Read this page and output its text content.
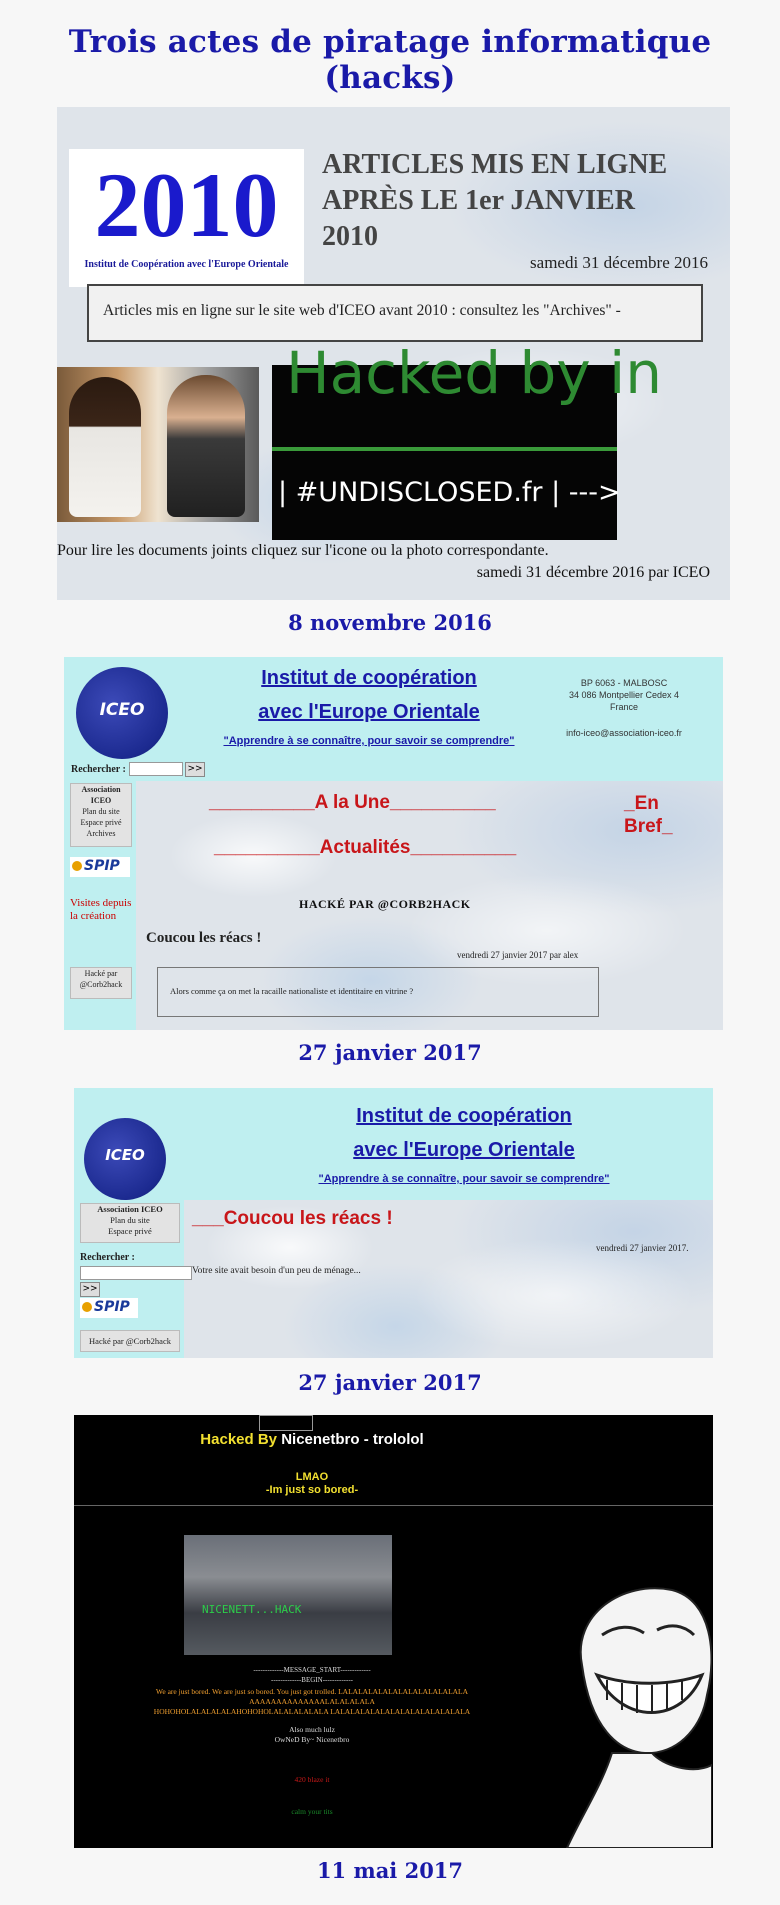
Trois actes de piratage informatique (hacks)
2010
Institut de Coopération avec l'Europe Orientale
ARTICLES MIS EN LIGNE
APRÈS LE 1er JANVIER
2010
samedi 31 décembre 2016
Articles mis en ligne sur le site web d'ICEO avant 2010 : consultez les "Archives" -
Hacked by in
| #UNDISCLOSED.fr | --->
Pour lire les documents joints cliquez sur l'icone ou la photo correspondante.
samedi 31 décembre 2016 par ICEO
8 novembre 2016
ICEO
Institut de coopération
avec l'Europe Orientale
"Apprendre à se connaître, pour savoir se comprendre"
BP 6063 - MALBOSC
34 086 Montpellier Cedex 4
France
info-iceo@association-iceo.fr
Rechercher :	>>
Association
ICEO
Plan du site
Espace privé
Archives
SPIP
Visites depuis la création
Hacké par
@Corb2hack
__________A la Une__________	_En Bref_
__________Actualités__________
HACKÉ PAR @CORB2HACK
Coucou les réacs !
vendredi 27 janvier 2017 par alex
Alors comme ça on met la racaille nationaliste et identitaire en vitrine ?
27 janvier 2017
ICEO
Institut de coopération
avec l'Europe Orientale
"Apprendre à se connaître, pour savoir se comprendre"
Association ICEO
Plan du site
Espace privé
Rechercher :
>>
SPIP
Hacké par @Corb2hack
___Coucou les réacs !
vendredi 27 janvier 2017.
Votre site avait besoin d'un peu de ménage...
27 janvier 2017
Hacked By Nicenetbro - trololol
LMAO
-Im just so bored-
NICENETT...HACK
-------------MESSAGE_START-------------
-------------BEGIN-------------
We are just bored. We are just so bored. You just got trolled. LALALALALALALALALALALALALA
AAAAAAAAAAAAAALALALALALA
HOHOHOLALALALALAHOHOHOLALALALALALA LALALALALALALALALALALALALALA
Also much lulz
OwNeD By~ Nicenetbro
420 blaze it
calm your tits
11 mai 2017
